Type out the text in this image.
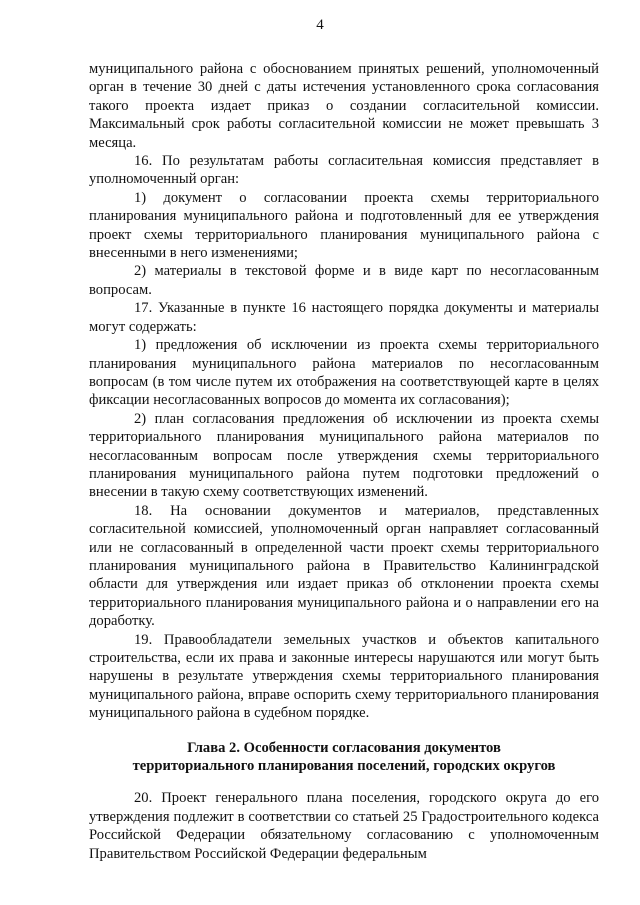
4

муниципального района с обоснованием принятых решений, уполномоченный орган в течение 30 дней с даты истечения установленного срока согласования такого проекта издает приказ о создании согласительной комиссии. Максимальный срок работы согласительной комиссии не может превышать 3 месяца.

16. По результатам работы согласительная комиссия представляет в уполномоченный орган:

1) документ о согласовании проекта схемы территориального планирования муниципального района и подготовленный для ее утверждения проект схемы территориального планирования муниципального района с внесенными в него изменениями;

2) материалы в текстовой форме и в виде карт по несогласованным вопросам.

17. Указанные в пункте 16 настоящего порядка документы и материалы могут содержать:

1) предложения об исключении из проекта схемы территориального планирования муниципального района материалов по несогласованным вопросам (в том числе путем их отображения на соответствующей карте в целях фиксации несогласованных вопросов до момента их согласования);

2) план согласования предложения об исключении из проекта схемы территориального планирования муниципального района материалов по несогласованным вопросам после утверждения схемы территориального планирования муниципального района путем подготовки предложений о внесении в такую схему соответствующих изменений.

18. На основании документов и материалов, представленных согласительной комиссией, уполномоченный орган направляет согласованный или не согласованный в определенной части проект схемы территориального планирования муниципального района в Правительство Калининградской области для утверждения или издает приказ об отклонении проекта схемы территориального планирования муниципального района и о направлении его на доработку.

19. Правообладатели земельных участков и объектов капитального строительства, если их права и законные интересы нарушаются или могут быть нарушены в результате утверждения схемы территориального планирования муниципального района, вправе оспорить схему территориального планирования муниципального района в судебном порядке.

Глава 2. Особенности согласования документов
территориального планирования поселений, городских округов

20. Проект генерального плана поселения, городского округа до его утверждения подлежит в соответствии со статьей 25 Градостроительного кодекса Российской Федерации обязательному согласованию с уполномоченным Правительством Российской Федерации федеральным
